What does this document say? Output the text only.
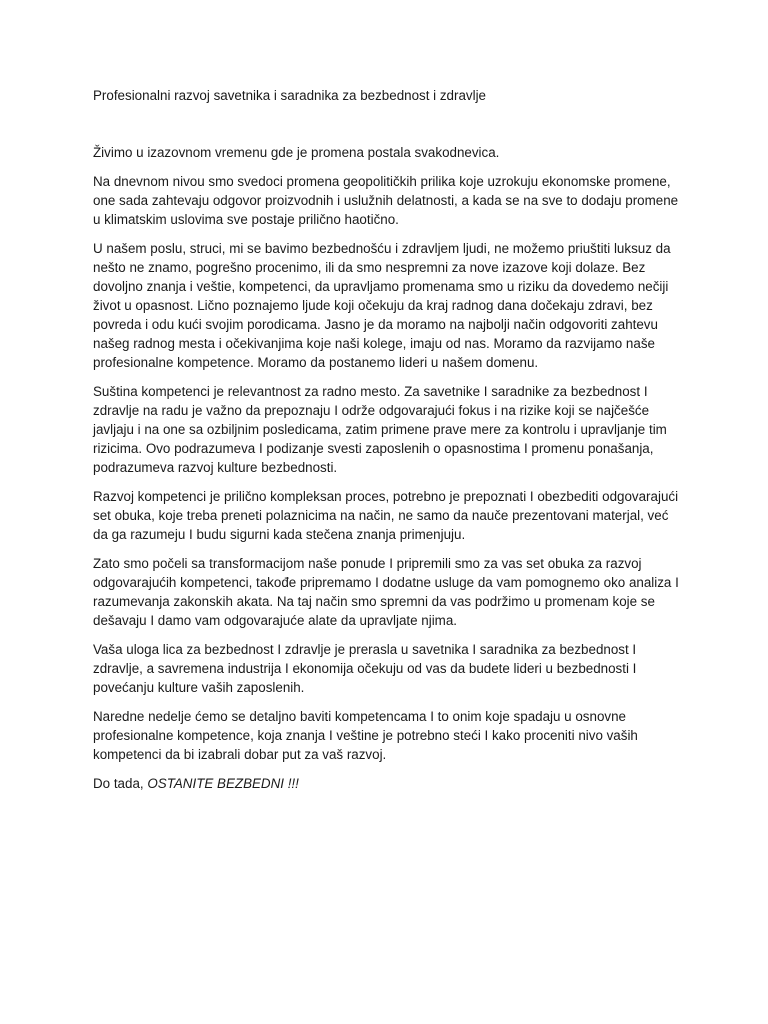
Profesionalni razvoj savetnika i saradnika za bezbednost i zdravlje

Živimo u izazovnom vremenu gde je promena postala svakodnevica.

Na dnevnom nivou smo svedoci promena geopolitičkih prilika koje uzrokuju ekonomske promene, one sada zahtevaju odgovor proizvodnih i uslužnih delatnosti, a kada se na sve to dodaju promene u klimatskim uslovima sve postaje prilično haotično.

U našem poslu, struci, mi se bavimo bezbednošću i zdravljem ljudi, ne možemo priuštiti luksuz da nešto ne znamo, pogrešno procenimo, ili da smo nespremni za nove izazove koji dolaze. Bez dovoljno znanja i veštie, kompetenci, da upravljamo promenama smo u riziku da dovedemo nečiji život u opasnost. Lično poznajemo ljude koji očekuju da kraj radnog dana dočekaju zdravi, bez povreda i odu kući svojim porodicama. Jasno je da moramo na najbolji način odgovoriti zahtevu našeg radnog mesta i očekivanjima koje naši kolege, imaju od nas. Moramo da razvijamo naše profesionalne kompetence. Moramo da postanemo lideri u našem domenu.

Suština kompetenci je relevantnost za radno mesto. Za savetnike I saradnike za bezbednost I zdravlje na radu je važno da prepoznaju I održe odgovarajući fokus i na rizike koji se najčešće javljaju i na one sa ozbiljnim posledicama, zatim primene prave mere za kontrolu i upravljanje tim rizicima. Ovo podrazumeva I podizanje svesti zaposlenih o opasnostima I promenu ponašanja, podrazumeva razvoj kulture bezbednosti.

Razvoj kompetenci je prilično kompleksan proces, potrebno je prepoznati I obezbediti odgovarajući set obuka, koje treba preneti polaznicima na način, ne samo da nauče prezentovani materjal, već da ga razumeju I budu sigurni kada stečena znanja primenjuju.

Zato smo počeli sa transformacijom naše ponude I pripremili smo za vas set obuka za razvoj odgovarajućih kompetenci, takođe pripremamo I dodatne usluge da vam pomognemo oko analiza I razumevanja zakonskih akata. Na taj način smo spremni da vas podržimo u promenam koje se dešavaju I damo vam odgovarajuće alate da upravljate njima.

Vaša uloga lica za bezbednost I zdravlje je prerasla u savetnika I saradnika za bezbednost I zdravlje, a savremena industrija I ekonomija očekuju od vas da budete lideri u bezbednosti I povećanju kulture vaših zaposlenih.

Naredne nedelje ćemo se detaljno baviti kompetencama I to onim koje spadaju u osnovne profesionalne kompetence, koja znanja I veštine je potrebno steći I kako proceniti nivo vaših kompetenci da bi izabrali dobar put za vaš razvoj.

Do tada, OSTANITE BEZBEDNI !!!
